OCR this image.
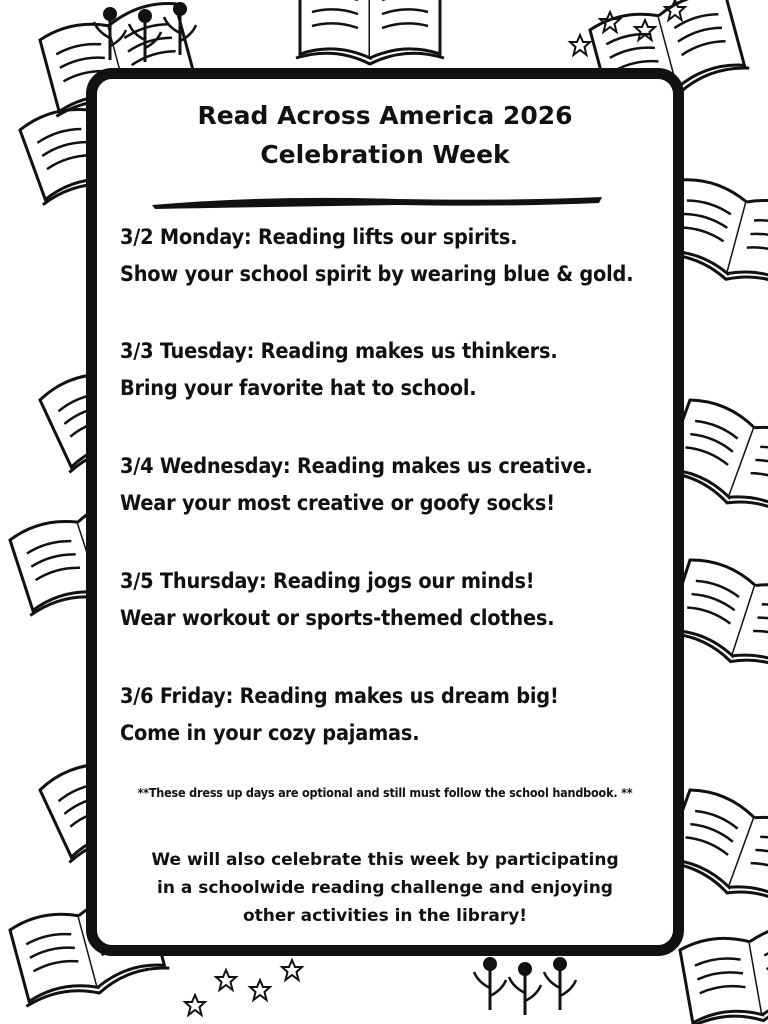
Read Across America 2026
Celebration Week

3/2 Monday: Reading lifts our spirits.

Show your school spirit by wearing blue & gold.

3/3 Tuesday: Reading makes us thinkers.

Bring your favorite hat to school.

3/4 Wednesday: Reading makes us creative.

Wear your most creative or goofy socks!

3/5 Thursday: Reading jogs our minds!

Wear workout or sports-themed clothes.

3/6 Friday: Reading makes us dream big!

Come in your cozy pajamas.

**These dress up days are optional and still must follow the school handbook. **

We will also celebrate this week by participating

in a schoolwide reading challenge and enjoying

other activities in the library!
